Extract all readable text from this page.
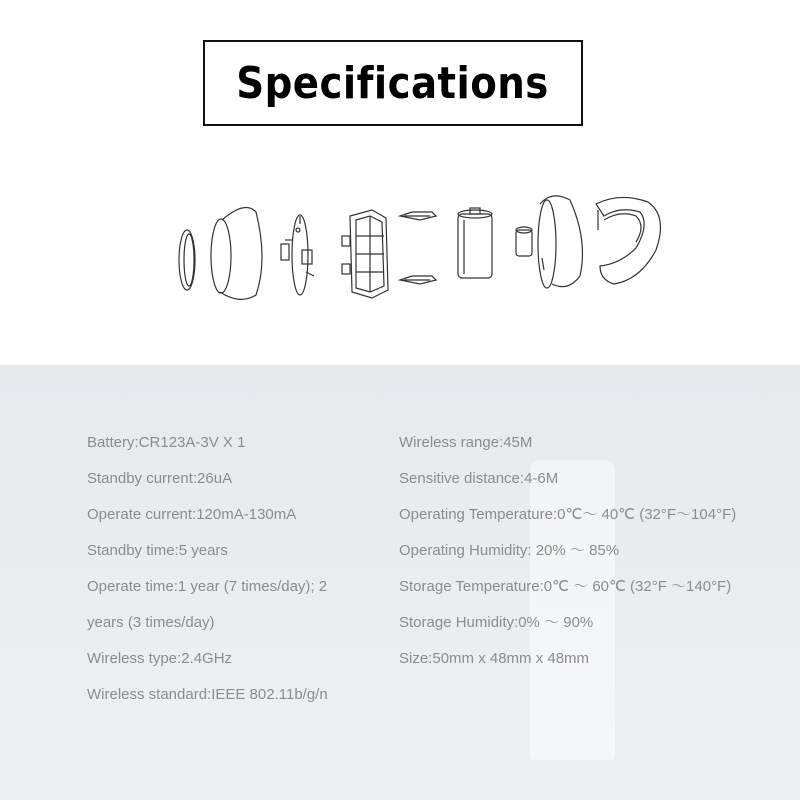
Specifications
Battery:CR123A-3V X 1
Standby current:26uA
Operate current:120mA-130mA
Standby time:5 years
Operate time:1 year (7 times/day); 2
years (3 times/day)
Wireless type:2.4GHz
Wireless standard:IEEE 802.11b/g/n
Wireless range:45M
Sensitive distance:4-6M
Operating Temperature:0℃～ 40℃ (32°F～104°F)
Operating Humidity: 20% ～ 85%
Storage Temperature:0℃ ～ 60℃ (32°F ～140°F)
Storage Humidity:0% ～ 90%
Size:50mm x 48mm x 48mm
